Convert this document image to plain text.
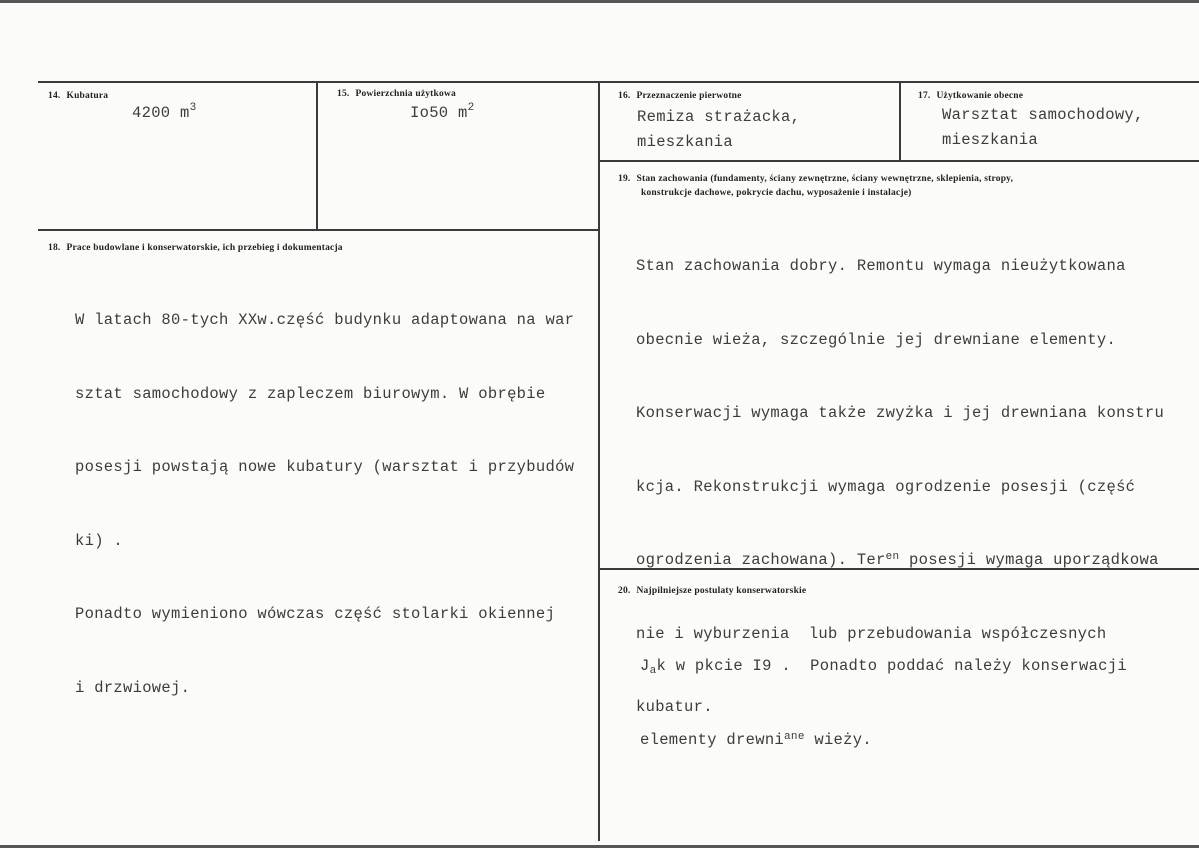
14. Kubatura
4200 $m^3$
15. Powierzchnia użytkowa
Io50 $m^2$
16. Przeznaczenie pierwotne
Remiza strażacka,
mieszkania
17. Użytkowanie obecne
Warsztat samochodowy,
mieszkania
19. Stan zachowania (fundamenty, ściany zewnętrzne, ściany wewnętrzne, sklepienia, stropy,
konstrukcje dachowe, pokrycie dachu, wyposażenie i instalacje)

Stan zachowania dobry. Remontu wymaga nieużytkowana

obecnie wieża, szczególnie jej drewniane elementy.

Konserwacji wymaga także zwyżka i jej drewniana konstru

kcja. Rekonstrukcji wymaga ogrodzenie posesji (część

ogrodzenia zachowana). Ter$^{en}$ posesji wymaga uporządkowa

nie i wyburzenia  lub przebudowania współczesnych

kubatur.

18. Prace budowlane i konserwatorskie, ich przebieg i dokumentacja

W latach 80-tych XXw.część budynku adaptowana na war

sztat samochodowy z zapleczem biurowym. W obrębie

posesji powstają nowe kubatury (warsztat i przybudów

ki) .

Ponadto wymieniono wówczas część stolarki okiennej

i drzwiowej.

20. Najpilniejsze postulaty konserwatorskie

$J_ak$ w pkcie I9 .  Ponadto poddać należy konserwacji

elementy drewni$^{ane}$ wieży.
